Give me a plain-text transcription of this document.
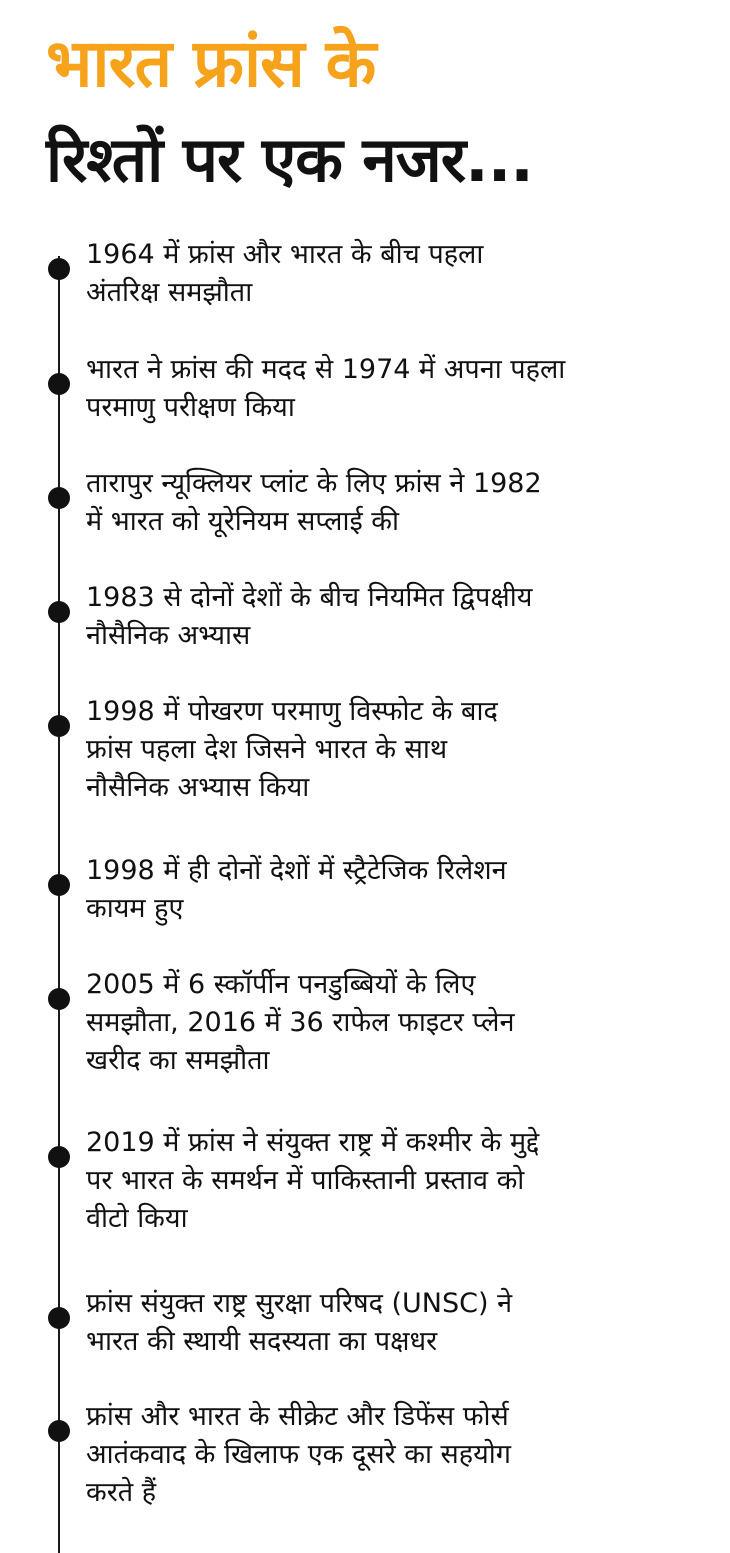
भारत फ्रांस के
रिश्तों पर एक नजर...
1964 में फ्रांस और भारत के बीच पहला
अंतरिक्ष समझौता
भारत ने फ्रांस की मदद से 1974 में अपना पहला
परमाणु परीक्षण किया
तारापुर न्यूक्लियर प्लांट के लिए फ्रांस ने 1982
में भारत को यूरेनियम सप्लाई की
1983 से दोनों देशों के बीच नियमित द्विपक्षीय
नौसैनिक अभ्यास
1998 में पोखरण परमाणु विस्फोट के बाद
फ्रांस पहला देश जिसने भारत के साथ
नौसैनिक अभ्यास किया
1998 में ही दोनों देशों में स्ट्रैटेजिक रिलेशन
कायम हुए
2005 में 6 स्कॉर्पीन पनडुब्बियों के लिए
समझौता, 2016 में 36 राफेल फाइटर प्लेन
खरीद का समझौता
2019 में फ्रांस ने संयुक्त राष्ट्र में कश्मीर के मुद्दे
पर भारत के समर्थन में पाकिस्तानी प्रस्ताव को
वीटो किया
फ्रांस संयुक्त राष्ट्र सुरक्षा परिषद (UNSC) ने
भारत की स्थायी सदस्यता का पक्षधर
फ्रांस और भारत के सीक्रेट और डिफेंस फोर्स
आतंकवाद के खिलाफ एक दूसरे का सहयोग
करते हैं
